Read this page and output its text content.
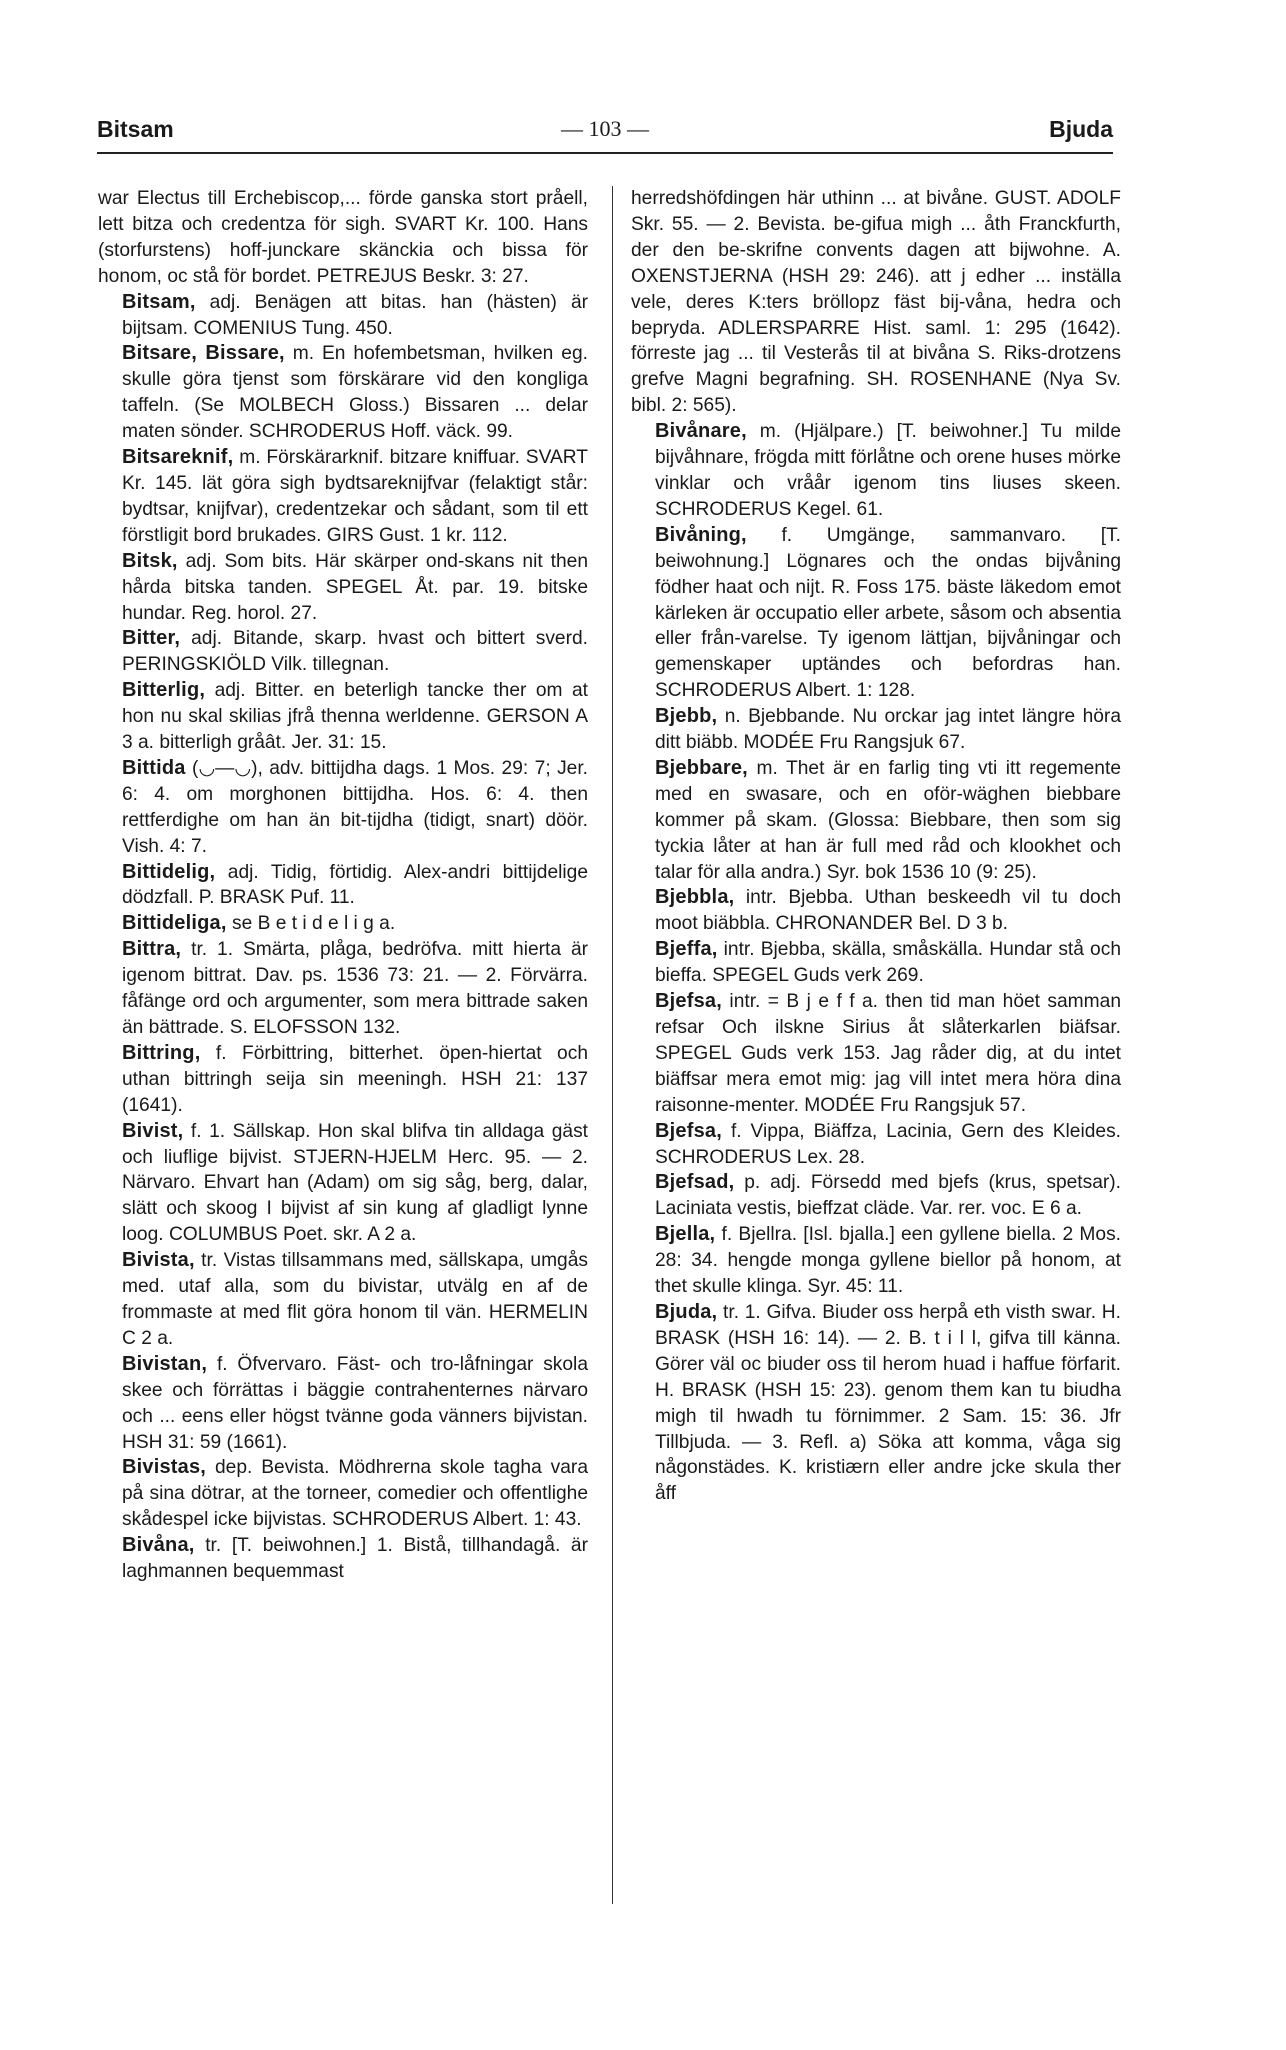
Bitsam	— 103 —	Bjuda
war Electus till Erchebiscop,... förde ganska stort pråell, lett bitza och credentza för sigh. SVART Kr. 100. Hans (storfurstens) hoff-junckare skänckia och bissa för honom, oc stå för bordet. PETREJUS Beskr. 3: 27.
Bitsam, adj. Benägen att bitas. han (hästen) är bijtsam. COMENIUS Tung. 450.
Bitsare, Bissare, m. En hofembetsman, hvilken eg. skulle göra tjenst som förskärare vid den kongliga taffeln. (Se MOLBECH Gloss.) Bissaren ... delar maten sönder. SCHRODERUS Hoff. väck. 99.
Bitsareknif, m. Förskärarknif. bitzare kniffuar. SVART Kr. 145. lät göra sigh bydtsareknijfvar (felaktigt står: bydtsar, knijfvar), credentzekar och sådant, som til ett förstligit bord brukades. GIRS Gust. 1 kr. 112.
Bitsk, adj. Som bits. Här skärper ond-skans nit then hårda bitska tanden. SPEGEL Åt. par. 19. bitske hundar. Reg. horol. 27.
Bitter, adj. Bitande, skarp. hvast och bittert sverd. PERINGSKIÖLD Vilk. tillegnan.
Bitterlig, adj. Bitter. en beterligh tancke ther om at hon nu skal skilias jfrå thenna werldenne. GERSON A 3 a. bitterligh gråât. Jer. 31: 15.
Bittida (◡—◡), adv. bittijdha dags. 1 Mos. 29: 7; Jer. 6: 4. om morghonen bittijdha. Hos. 6: 4. then rettferdighe om han än bit-tijdha (tidigt, snart) döör. Vish. 4: 7.
Bittidelig, adj. Tidig, förtidig. Alex-andri bittijdelige dödzfall. P. BRASK Puf. 11.
Bittideliga, se B e t i d e l i g a.
Bittra, tr. 1. Smärta, plåga, bedröfva. mitt hierta är igenom bittrat. Dav. ps. 1536 73: 21. — 2. Förvärra. fåfänge ord och argumenter, som mera bittrade saken än bättrade. S. ELOFSSON 132.
Bittring, f. Förbittring, bitterhet. öpen-hiertat och uthan bittringh seija sin meeningh. HSH 21: 137 (1641).
Bivist, f. 1. Sällskap. Hon skal blifva tin alldaga gäst och liuflige bijvist. STJERN-HJELM Herc. 95. — 2. Närvaro. Ehvart han (Adam) om sig såg, berg, dalar, slätt och skoog I bijvist af sin kung af gladligt lynne loog. COLUMBUS Poet. skr. A 2 a.
Bivista, tr. Vistas tillsammans med, sällskapa, umgås med. utaf alla, som du bivistar, utvälg en af de frommaste at med flit göra honom til vän. HERMELIN C 2 a.
Bivistan, f. Öfvervaro. Fäst- och tro-låfningar skola skee och förrättas i bäggie contrahenternes närvaro och ... eens eller högst tvänne goda vänners bijvistan. HSH 31: 59 (1661).
Bivistas, dep. Bevista. Mödhrerna skole tagha vara på sina dötrar, at the torneer, comedier och offentlighe skådespel icke bijvistas. SCHRODERUS Albert. 1: 43.
Bivåna, tr. [T. beiwohnen.] 1. Bistå, tillhandagå. är laghmannen bequemmast
herredshöfdingen här uthinn ... at bivåne. GUST. ADOLF Skr. 55. — 2. Bevista. be-gifua migh ... åth Franckfurth, der den be-skrifne convents dagen att bijwohne. A. OXENSTJERNA (HSH 29: 246). att j edher ... inställa vele, deres K:ters bröllopz fäst bij-våna, hedra och bepryda. ADLERSPARRE Hist. saml. 1: 295 (1642). förreste jag ... til Vesterås til at bivåna S. Riks-drotzens grefve Magni begrafning. SH. ROSENHANE (Nya Sv. bibl. 2: 565).
Bivånare, m. (Hjälpare.) [T. beiwohner.] Tu milde bijvåhnare, frögda mitt förlåtne och orene huses mörke vinklar och vråår igenom tins liuses skeen. SCHRODERUS Kegel. 61.
Bivåning, f. Umgänge, sammanvaro. [T. beiwohnung.] Lögnares och the ondas bijvåning födher haat och nijt. R. Foss 175. bäste läkedom emot kärleken är occupatio eller arbete, såsom och absentia eller från-varelse. Ty igenom lättjan, bijvåningar och gemenskaper uptändes och befordras han. SCHRODERUS Albert. 1: 128.
Bjebb, n. Bjebbande. Nu orckar jag intet längre höra ditt biäbb. MODÉE Fru Rangsjuk 67.
Bjebbare, m. Thet är en farlig ting vti itt regemente med en swasare, och en oför-wäghen biebbare kommer på skam. (Glossa: Biebbare, then som sig tyckia låter at han är full med råd och klookhet och talar för alla andra.) Syr. bok 1536 10 (9: 25).
Bjebbla, intr. Bjebba. Uthan beskeedh vil tu doch moot biäbbla. CHRONANDER Bel. D 3 b.
Bjeffa, intr. Bjebba, skälla, småskälla. Hundar stå och bieffa. SPEGEL Guds verk 269.
Bjefsa, intr. = B j e f f a. then tid man höet samman refsar Och ilskne Sirius åt slåterkarlen biäfsar. SPEGEL Guds verk 153. Jag råder dig, at du intet biäffsar mera emot mig: jag vill intet mera höra dina raisonne-menter. MODÉE Fru Rangsjuk 57.
Bjefsa, f. Vippa, Biäffza, Lacinia, Gern des Kleides. SCHRODERUS Lex. 28.
Bjefsad, p. adj. Försedd med bjefs (krus, spetsar). Laciniata vestis, bieffzat cläde. Var. rer. voc. E 6 a.
Bjella, f. Bjellra. [Isl. bjalla.] een gyllene biella. 2 Mos. 28: 34. hengde monga gyllene biellor på honom, at thet skulle klinga. Syr. 45: 11.
Bjuda, tr. 1. Gifva. Biuder oss herpå eth visth swar. H. BRASK (HSH 16: 14). — 2. B. t i l l, gifva till känna. Görer väl oc biuder oss til herom huad i haffue förfarit. H. BRASK (HSH 15: 23). genom them kan tu biudha migh til hwadh tu förnimmer. 2 Sam. 15: 36. Jfr Tillbjuda. — 3. Refl. a) Söka att komma, våga sig någonstädes. K. kristiærn eller andre jcke skula ther åff
